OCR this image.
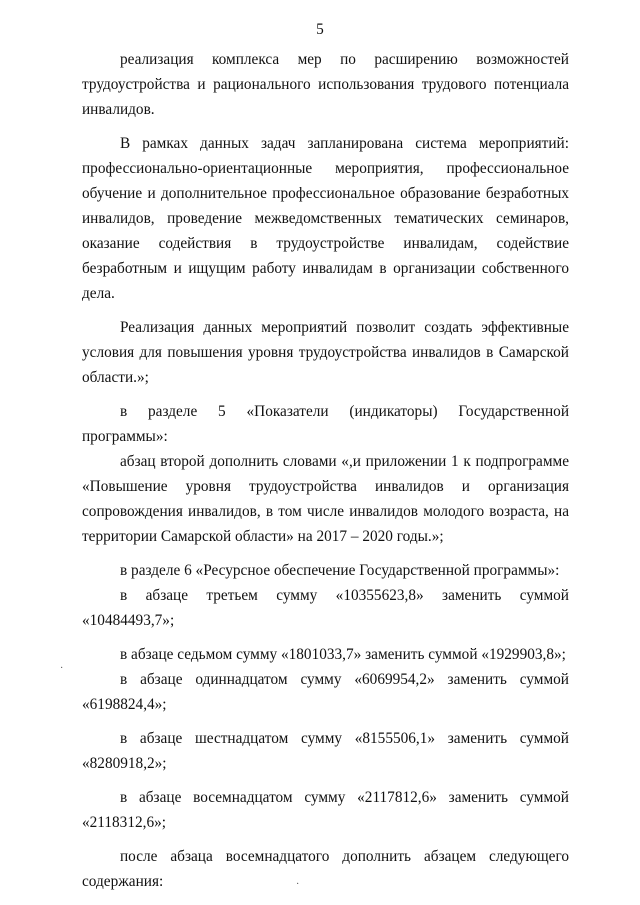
5
реализация комплекса мер по расширению возможностей
трудоустройства и рационального использования трудового потенциала
инвалидов.
В рамках данных задач запланирована система мероприятий:
профессионально-ориентационные мероприятия, профессиональное
обучение и дополнительное профессиональное образование безработных
инвалидов, проведение межведомственных тематических семинаров,
оказание содействия в трудоустройстве инвалидам, содействие
безработным и ищущим работу инвалидам в организации собственного
дела.
Реализация данных мероприятий позволит создать эффективные
условия для повышения уровня трудоустройства инвалидов в Самарской
области.»;
в разделе 5 «Показатели (индикаторы) Государственной
программы»:
абзац второй дополнить словами «,и приложении 1 к подпрограмме
«Повышение уровня трудоустройства инвалидов и организация
сопровождения инвалидов, в том числе инвалидов молодого возраста, на
территории Самарской области» на 2017 – 2020 годы.»;
в разделе 6 «Ресурсное обеспечение Государственной программы»:
в абзаце третьем сумму «10355623,8» заменить суммой
«10484493,7»;
в абзаце седьмом сумму «1801033,7» заменить суммой «1929903,8»;
в абзаце одиннадцатом сумму «6069954,2» заменить суммой
«6198824,4»;
в абзаце шестнадцатом сумму «8155506,1» заменить суммой
«8280918,2»;
в абзаце восемнадцатом сумму «2117812,6» заменить суммой
«2118312,6»;
после абзаца восемнадцатого дополнить абзацем следующего
содержания:
·
·
